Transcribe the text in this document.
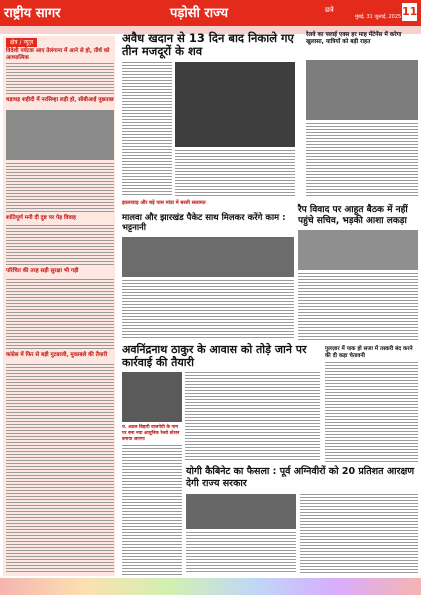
राष्ट्रीय सागर	पड़ोसी राज्य	छत्रे
मुंबई, 31 जुलाई, 2025 11
क्षेत्र / न्यूज़
विदेशी पर्यटक आए तेलंगाना में आने से हो, तीर्थ को आध्यात्मिक
धड़ाधड़ शहीदी में नरसिम्हा लड़ी हो, सीबीआई पूछताछ
शांतिपूर्ण मनी दी दुष्ट पर पेड़ विवाह
परिचित की तरह सड़ी सुरक्षा भी गड़ी
कांग्रेस में फिर से बड़ी गुटबाजी, मुकाबले की तैयारी
अवैध खदान से 13 दिन बाद निकाले गए तीन मजदूरों के शव
रेलवे का फ्लाई एक्स हर माह मेंटेनेंस में करेगा खुलासा, यात्रियों को बड़ी राहत
झालावाड़ और बड़े पास मांडा में बरसी सलामत
मालवा और झारखंड पैकेट साथ मिलकर करेंगे काम : भट्टनानी
रैप विवाद पर आहूत बैठक में नहीं पहुंचे सचिव, भड़की आशा लकड़ा
अवनिंद्रनाथ ठाकुर के आवास को तोड़े जाने पर कार्रवाई की तैयारी
गुलज़ार में पाक हो सजा में तस्करी बंद करने की दी कड़ा चेतावनी
ध. अठल बिहारी वाजपेयी के नाम पर बना नया आधुनिक रेलवे स्टेशन बनाया जाएगा
योगी कैबिनेट का फैसला : पूर्व अग्निवीरों को 20 प्रतिशत आरक्षण देगी राज्य सरकार
